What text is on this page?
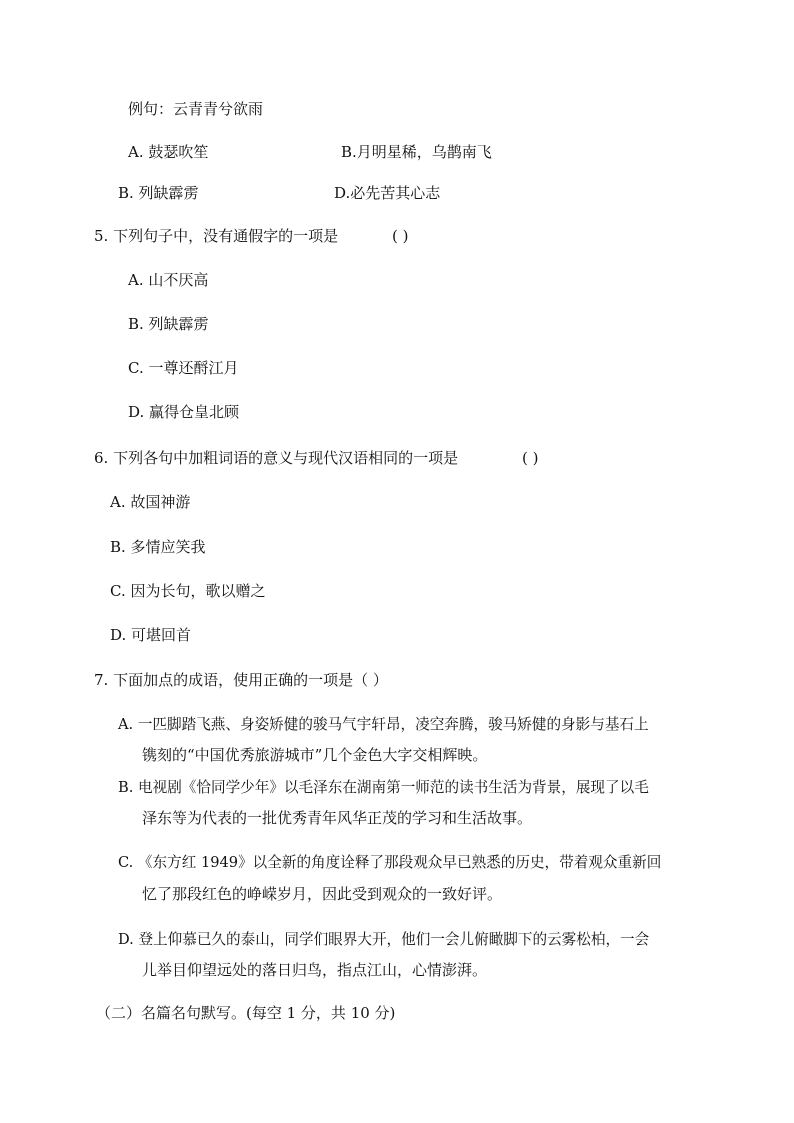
例句：云青青兮欲雨
A. 鼓瑟吹笙	B.月明星稀，乌鹊南飞
B. 列缺霹雳	D.必先苦其心志
5. 下列句子中，没有通假字的一项是	( )
A. 山不厌高
B. 列缺霹雳
C. 一尊还酹江月
D. 赢得仓皇北顾
6. 下列各句中加粗词语的意义与现代汉语相同的一项是	( )
A. 故国神游
B. 多情应笑我
C. 因为长句，歌以赠之
D. 可堪回首
7. 下面加点的成语，使用正确的一项是（ ）
A. 一匹脚踏飞燕、身姿矫健的骏马气宇轩昂，凌空奔腾，骏马矫健的身影与基石上
镌刻的“中国优秀旅游城市”几个金色大字交相辉映。
B. 电视剧《恰同学少年》以毛泽东在湖南第一师范的读书生活为背景，展现了以毛
泽东等为代表的一批优秀青年风华正茂的学习和生活故事。
C. 《东方红 1949》以全新的角度诠释了那段观众早已熟悉的历史，带着观众重新回
忆了那段红色的峥嵘岁月，因此受到观众的一致好评。
D. 登上仰慕已久的泰山，同学们眼界大开，他们一会儿俯瞰脚下的云雾松柏，一会
儿举目仰望远处的落日归鸟，指点江山，心情澎湃。
（二）名篇名句默写。(每空 1 分，共 10 分)
